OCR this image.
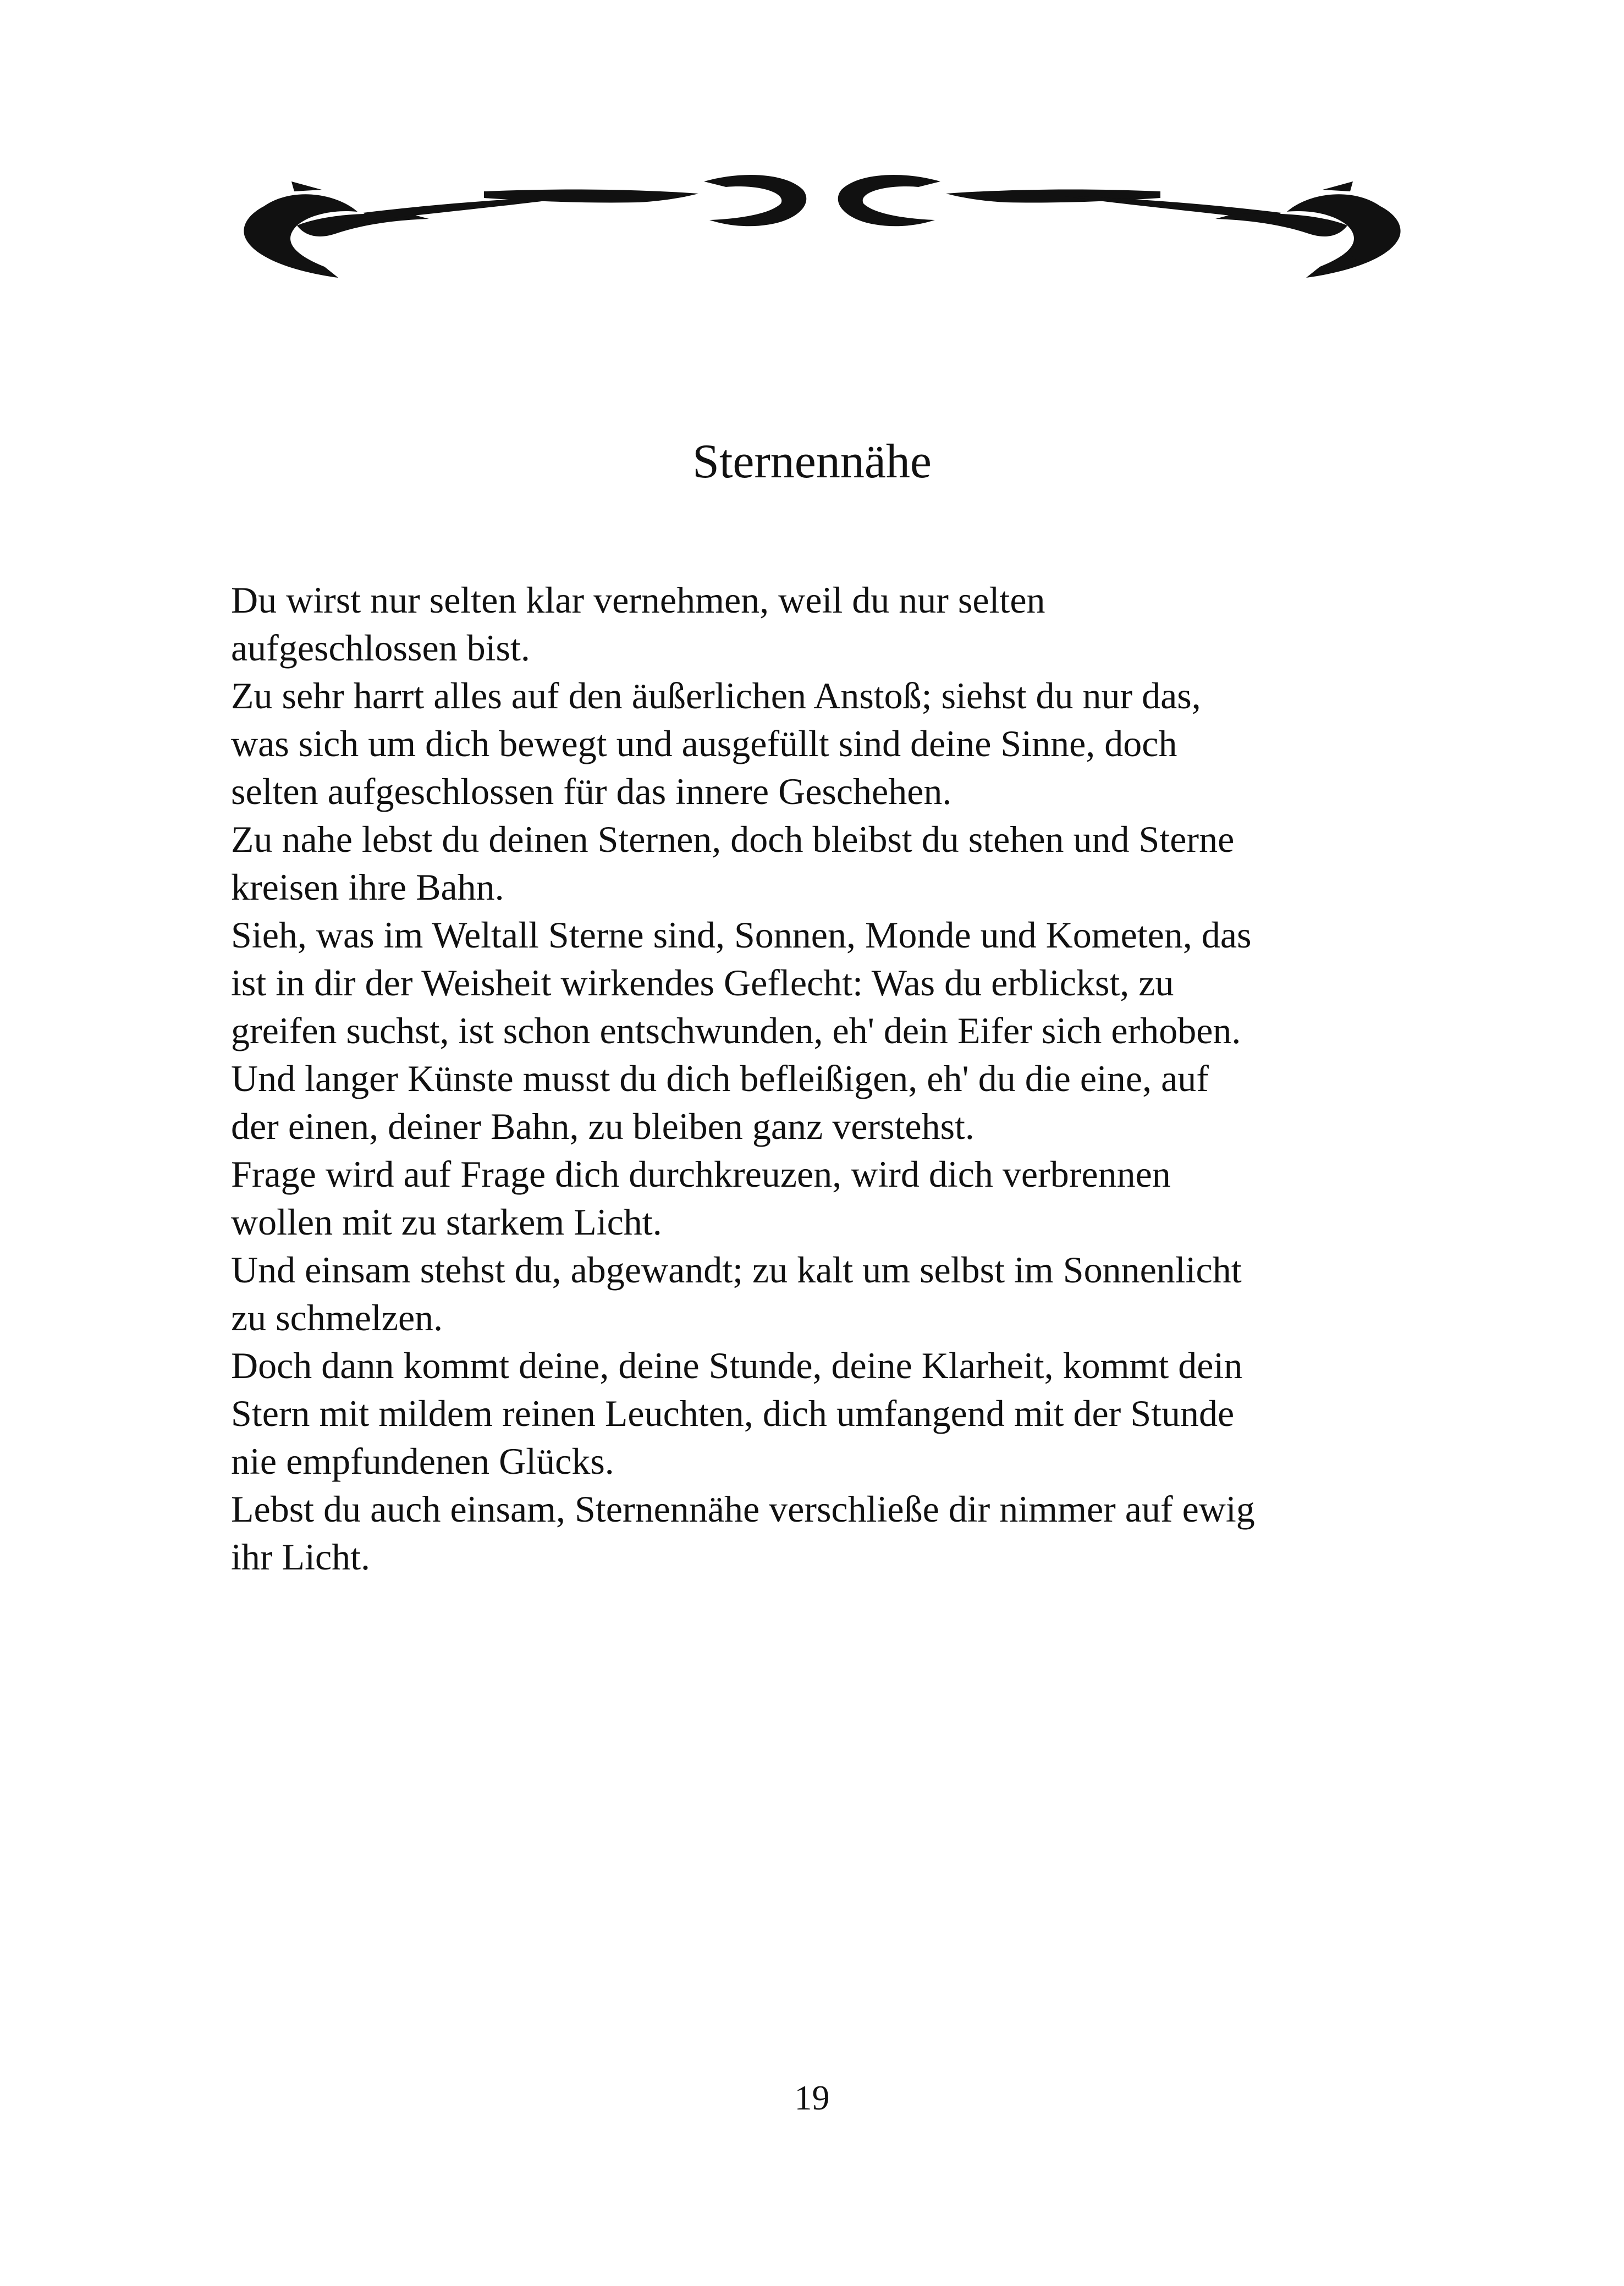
Sternennähe

Du wirst nur selten klar vernehmen, weil du nur selten
aufgeschlossen bist.
Zu sehr harrt alles auf den äußerlichen Anstoß; siehst du nur das,
was sich um dich bewegt und ausgefüllt sind deine Sinne, doch
selten aufgeschlossen für das innere Geschehen.
Zu nahe lebst du deinen Sternen, doch bleibst du stehen und Sterne
kreisen ihre Bahn.
Sieh, was im Weltall Sterne sind, Sonnen, Monde und Kometen, das
ist in dir der Weisheit wirkendes Geflecht: Was du erblickst, zu
greifen suchst, ist schon entschwunden, eh' dein Eifer sich erhoben.
Und langer Künste musst du dich befleißigen, eh' du die eine, auf
der einen, deiner Bahn, zu bleiben ganz verstehst.
Frage wird auf Frage dich durchkreuzen, wird dich verbrennen
wollen mit zu starkem Licht.
Und einsam stehst du, abgewandt; zu kalt um selbst im Sonnenlicht
zu schmelzen.
Doch dann kommt deine, deine Stunde, deine Klarheit, kommt dein
Stern mit mildem reinen Leuchten, dich umfangend mit der Stunde
nie empfundenen Glücks.
Lebst du auch einsam, Sternennähe verschließe dir nimmer auf ewig
ihr Licht.

19
